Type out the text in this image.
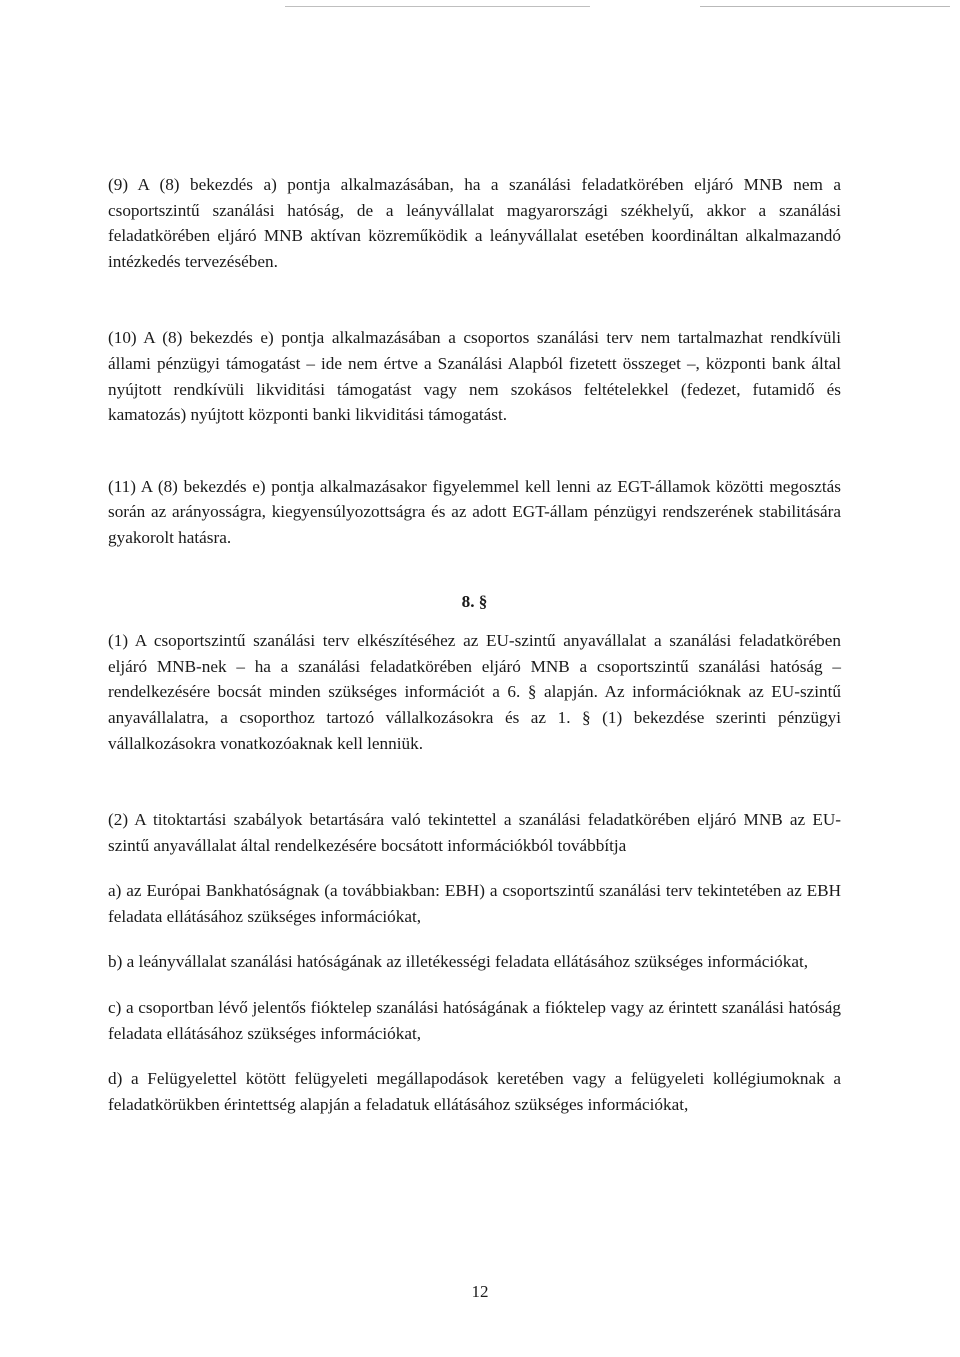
(9) A (8) bekezdés a) pontja alkalmazásában, ha a szanálási feladatkörében eljáró MNB nem a csoportszintű szanálási hatóság, de a leányvállalat magyarországi székhelyű, akkor a szanálási feladatkörében eljáró MNB aktívan közreműködik a leányvállalat esetében koordináltan alkalmazandó intézkedés tervezésében.

(10) A (8) bekezdés e) pontja alkalmazásában a csoportos szanálási terv nem tartalmazhat rendkívüli állami pénzügyi támogatást – ide nem értve a Szanálási Alapból fizetett összeget –, központi bank által nyújtott rendkívüli likviditási támogatást vagy nem szokásos feltételekkel (fedezet, futamidő és kamatozás) nyújtott központi banki likviditási támogatást.

(11) A (8) bekezdés e) pontja alkalmazásakor figyelemmel kell lenni az EGT-államok közötti megosztás során az arányosságra, kiegyensúlyozottságra és az adott EGT-állam pénzügyi rendszerének stabilitására gyakorolt hatásra.

8. §

(1) A csoportszintű szanálási terv elkészítéséhez az EU-szintű anyavállalat a szanálási feladatkörében eljáró MNB-nek – ha a szanálási feladatkörében eljáró MNB a csoportszintű szanálási hatóság – rendelkezésére bocsát minden szükséges információt a 6. § alapján. Az információknak az EU-szintű anyavállalatra, a csoporthoz tartozó vállalkozásokra és az 1. § (1) bekezdése szerinti pénzügyi vállalkozásokra vonatkozóaknak kell lenniük.

(2) A titoktartási szabályok betartására való tekintettel a szanálási feladatkörében eljáró MNB az EU-szintű anyavállalat által rendelkezésére bocsátott információkból továbbítja

a) az Európai Bankhatóságnak (a továbbiakban: EBH) a csoportszintű szanálási terv tekintetében az EBH feladata ellátásához szükséges információkat,

b) a leányvállalat szanálási hatóságának az illetékességi feladata ellátásához szükséges információkat,

c) a csoportban lévő jelentős fióktelep szanálási hatóságának a fióktelep vagy az érintett szanálási hatóság feladata ellátásához szükséges információkat,

d) a Felügyelettel kötött felügyeleti megállapodások keretében vagy a felügyeleti kollégiumoknak a feladatkörükben érintettség alapján a feladatuk ellátásához szükséges információkat,

12
